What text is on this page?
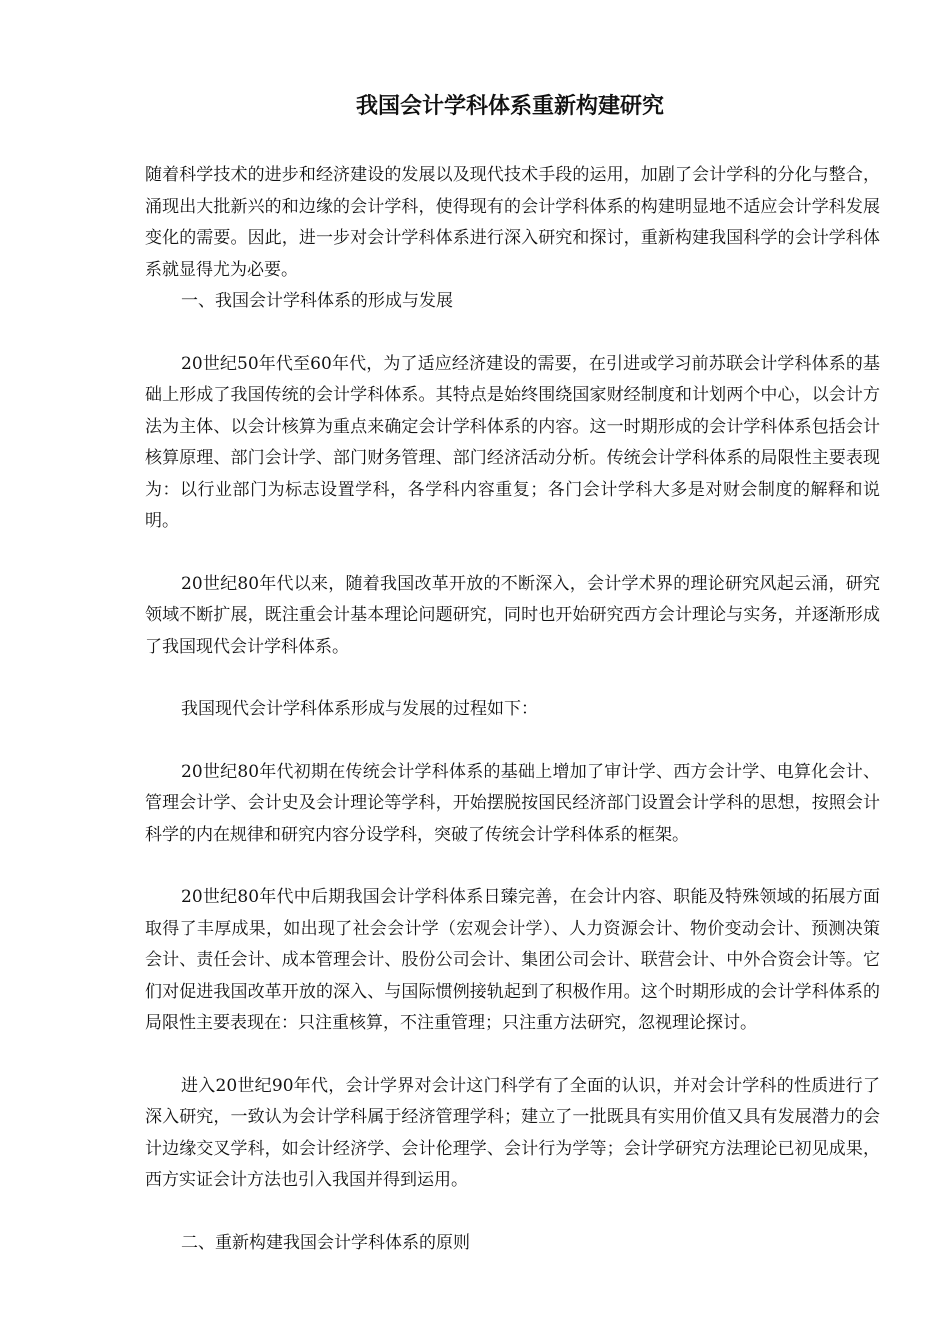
我国会计学科体系重新构建研究

随着科学技术的进步和经济建设的发展以及现代技术手段的运用，加剧了会计学科的分化与整合，涌现出大批新兴的和边缘的会计学科，使得现有的会计学科体系的构建明显地不适应会计学科发展变化的需要。因此，进一步对会计学科体系进行深入研究和探讨，重新构建我国科学的会计学科体系就显得尤为必要。

一、我国会计学科体系的形成与发展

20世纪50年代至60年代，为了适应经济建设的需要，在引进或学习前苏联会计学科体系的基础上形成了我国传统的会计学科体系。其特点是始终围绕国家财经制度和计划两个中心，以会计方法为主体、以会计核算为重点来确定会计学科体系的内容。这一时期形成的会计学科体系包括会计核算原理、部门会计学、部门财务管理、部门经济活动分析。传统会计学科体系的局限性主要表现为：以行业部门为标志设置学科，各学科内容重复；各门会计学科大多是对财会制度的解释和说明。

20世纪80年代以来，随着我国改革开放的不断深入，会计学术界的理论研究风起云涌，研究领域不断扩展，既注重会计基本理论问题研究，同时也开始研究西方会计理论与实务，并逐渐形成了我国现代会计学科体系。

我国现代会计学科体系形成与发展的过程如下：

20世纪80年代初期在传统会计学科体系的基础上增加了审计学、西方会计学、电算化会计、管理会计学、会计史及会计理论等学科，开始摆脱按国民经济部门设置会计学科的思想，按照会计科学的内在规律和研究内容分设学科，突破了传统会计学科体系的框架。

20世纪80年代中后期我国会计学科体系日臻完善，在会计内容、职能及特殊领域的拓展方面取得了丰厚成果，如出现了社会会计学（宏观会计学）、人力资源会计、物价变动会计、预测决策会计、责任会计、成本管理会计、股份公司会计、集团公司会计、联营会计、中外合资会计等。它们对促进我国改革开放的深入、与国际惯例接轨起到了积极作用。这个时期形成的会计学科体系的局限性主要表现在：只注重核算，不注重管理；只注重方法研究，忽视理论探讨。

进入20世纪90年代，会计学界对会计这门科学有了全面的认识，并对会计学科的性质进行了深入研究，一致认为会计学科属于经济管理学科；建立了一批既具有实用价值又具有发展潜力的会计边缘交叉学科，如会计经济学、会计伦理学、会计行为学等；会计学研究方法理论已初见成果，西方实证会计方法也引入我国并得到运用。

二、重新构建我国会计学科体系的原则
